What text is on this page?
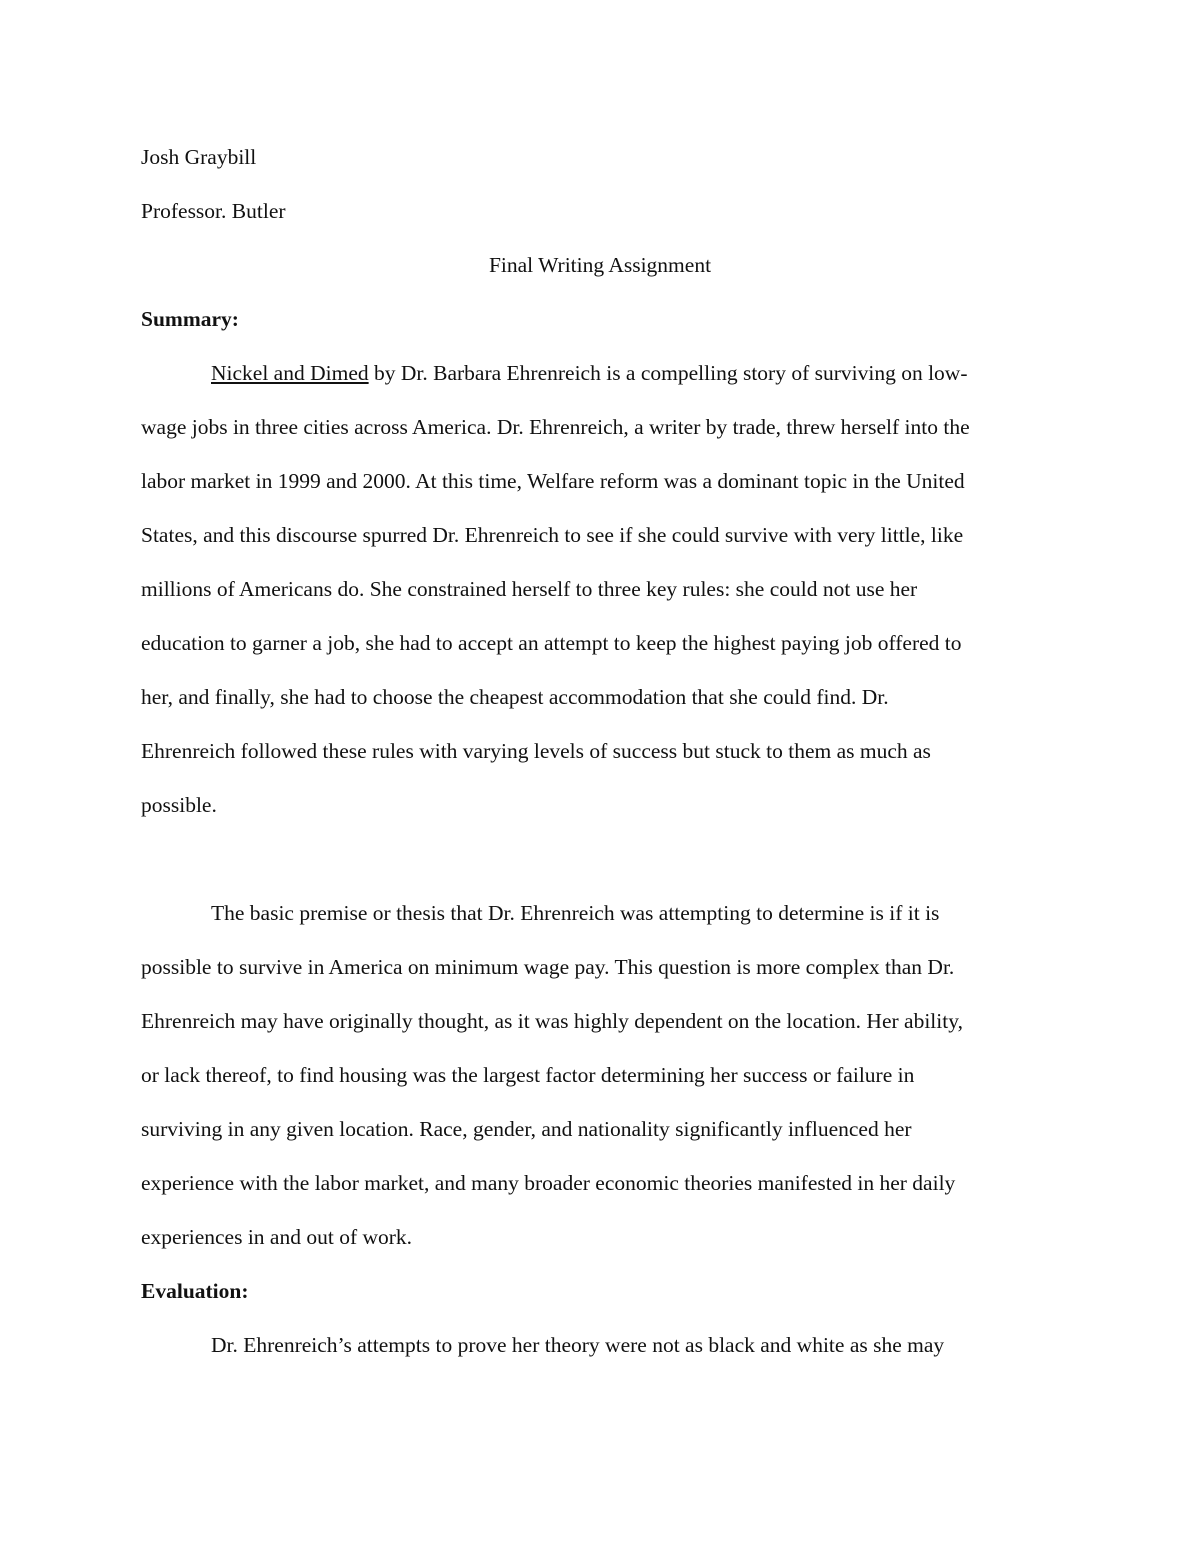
Josh Graybill
Professor. Butler
Final Writing Assignment
Summary:
Nickel and Dimed by Dr. Barbara Ehrenreich is a compelling story of surviving on low-
wage jobs in three cities across America. Dr. Ehrenreich, a writer by trade, threw herself into the
labor market in 1999 and 2000. At this time, Welfare reform was a dominant topic in the United
States, and this discourse spurred Dr. Ehrenreich to see if she could survive with very little, like
millions of Americans do. She constrained herself to three key rules: she could not use her
education to garner a job, she had to accept an attempt to keep the highest paying job offered to
her, and finally, she had to choose the cheapest accommodation that she could find. Dr.
Ehrenreich followed these rules with varying levels of success but stuck to them as much as
possible.
The basic premise or thesis that Dr. Ehrenreich was attempting to determine is if it is
possible to survive in America on minimum wage pay. This question is more complex than Dr.
Ehrenreich may have originally thought, as it was highly dependent on the location. Her ability,
or lack thereof, to find housing was the largest factor determining her success or failure in
surviving in any given location. Race, gender, and nationality significantly influenced her
experience with the labor market, and many broader economic theories manifested in her daily
experiences in and out of work.
Evaluation:
Dr. Ehrenreich’s attempts to prove her theory were not as black and white as she may
